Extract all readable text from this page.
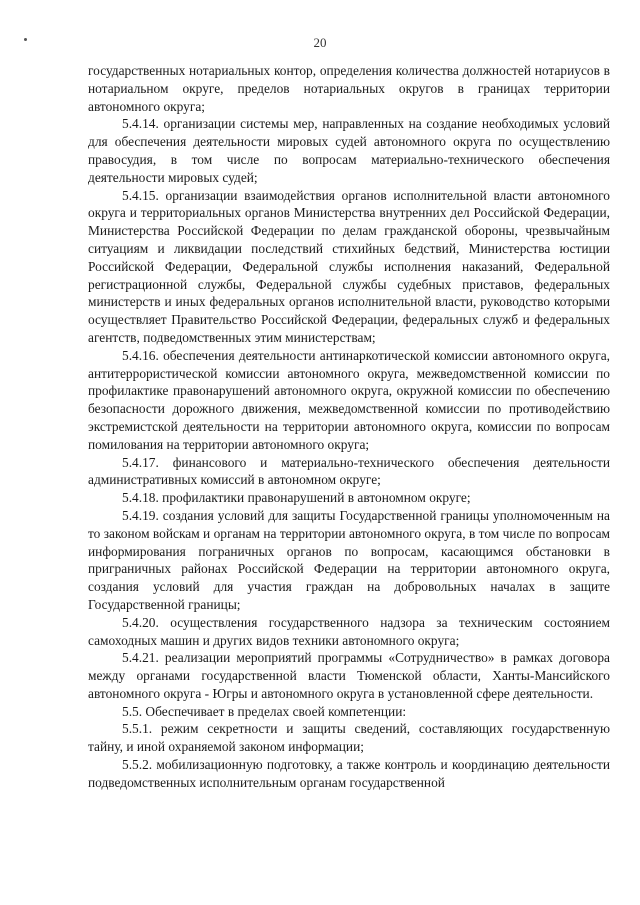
20

государственных нотариальных контор, определения количества должностей нотариусов в нотариальном округе, пределов нотариальных округов в границах территории автономного округа;

5.4.14. организации системы мер, направленных на создание необходимых условий для обеспечения деятельности мировых судей автономного округа по осуществлению правосудия, в том числе по вопросам материально-технического обеспечения деятельности мировых судей;

5.4.15. организации взаимодействия органов исполнительной власти автономного округа и территориальных органов Министерства внутренних дел Российской Федерации, Министерства Российской Федерации по делам гражданской обороны, чрезвычайным ситуациям и ликвидации последствий стихийных бедствий, Министерства юстиции Российской Федерации, Федеральной службы исполнения наказаний, Федеральной регистрационной службы, Федеральной службы судебных приставов, федеральных министерств и иных федеральных органов исполнительной власти, руководство которыми осуществляет Правительство Российской Федерации, федеральных служб и федеральных агентств, подведомственных этим министерствам;

5.4.16. обеспечения деятельности антинаркотической комиссии автономного округа, антитеррористической комиссии автономного округа, межведомственной комиссии по профилактике правонарушений автономного округа, окружной комиссии по обеспечению безопасности дорожного движения, межведомственной комиссии по противодействию экстремистской деятельности на территории автономного округа, комиссии по вопросам помилования на территории автономного округа;

5.4.17. финансового и материально-технического обеспечения деятельности административных комиссий в автономном округе;

5.4.18. профилактики правонарушений в автономном округе;

5.4.19. создания условий для защиты Государственной границы уполномоченным на то законом войскам и органам на территории автономного округа, в том числе по вопросам информирования пограничных органов по вопросам, касающимся обстановки в приграничных районах Российской Федерации на территории автономного округа, создания условий для участия граждан на добровольных началах в защите Государственной границы;

5.4.20. осуществления государственного надзора за техническим состоянием самоходных машин и других видов техники автономного округа;

5.4.21. реализации мероприятий программы «Сотрудничество» в рамках договора между органами государственной власти Тюменской области, Ханты-Мансийского автономного округа - Югры и автономного округа в установленной сфере деятельности.

5.5. Обеспечивает в пределах своей компетенции:

5.5.1. режим секретности и защиты сведений, составляющих государственную тайну, и иной охраняемой законом информации;

5.5.2. мобилизационную подготовку, а также контроль и координацию деятельности подведомственных исполнительным органам государственной
